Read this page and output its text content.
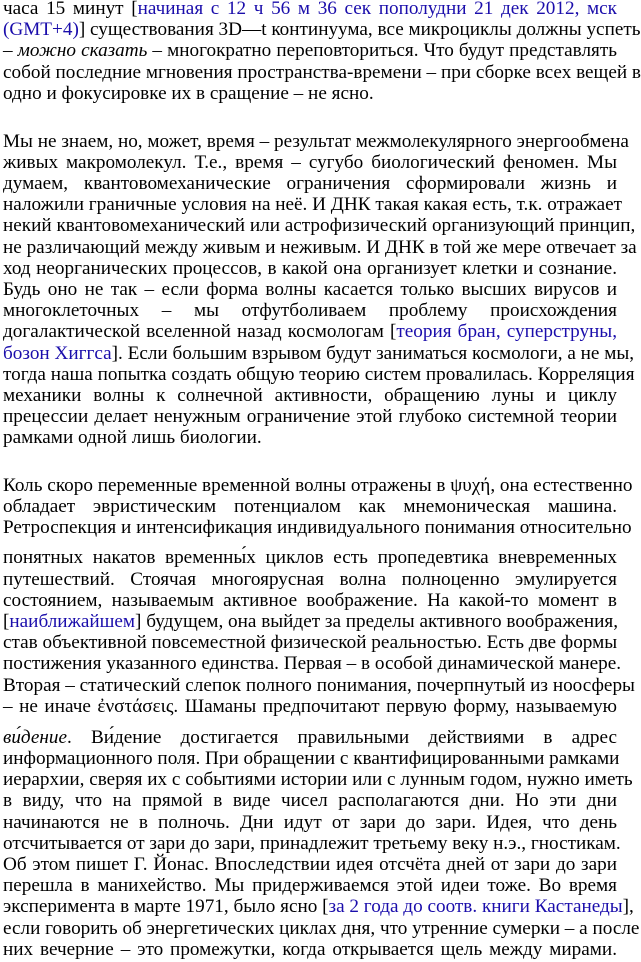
часа 15 минут [начиная с 12 ч 56 м 36 сек пополудни 21 дек 2012, мск
(GMT+4)] существования 3D—t континуума, все микроциклы должны успеть
– можно сказать – многократно переповториться. Что будут представлять
собой последние мгновения пространства-времени – при сборке всех вещей в
одно и фокусировке их в сращение – не ясно.
Мы не знаем, но, может, время – результат межмолекулярного энергообмена
живых макромолекул. Т.е., время – сугубо биологический феномен. Мы
думаем, квантовомеханические ограничения сформировали жизнь и
наложили граничные условия на неё. И ДНК такая какая есть, т.к. отражает
некий квантовомеханический или астрофизический организующий принцип,
не различающий между живым и неживым. И ДНК в той же мере отвечает за
ход неорганических процессов, в какой она организует клетки и сознание.
Будь оно не так – если форма волны касается только высших вирусов и
многоклеточных – мы отфутболиваем проблему происхождения
догалактической вселенной назад космологам [теория бран, суперструны,
бозон Хиггса]. Если большим взрывом будут заниматься космологи, а не мы,
тогда наша попытка создать общую теорию систем провалилась. Корреляция
механики волны к солнечной активности, обращению луны и циклу
прецессии делает ненужным ограничение этой глубоко системной теории
рамками одной лишь биологии.
Коль скоро переменные временной волны отражены в ψυχή, она естественно
обладает эвристическим потенциалом как мнемоническая машина.
Ретроспекция и интенсификация индивидуального понимания относительно
понятных накатов временны́х циклов есть пропедевтика вневременных
путешествий. Стоячая многоярусная волна полноценно эмулируется
состоянием, называемым активное воображение. На какой-то момент в
[наиближайшем] будущем, она выйдет за пределы активного воображения,
став объективной повсеместной физической реальностью. Есть две формы
постижения указанного единства. Первая – в особой динамической манере.
Вторая – статический слепок полного понимания, почерпнутый из ноосферы
– не иначе ἐνστάσεις. Шаманы предпочитают первую форму, называемую
ви́дение. Ви́дение достигается правильными действиями в адрес
информационного поля. При обращении с квантифицированными рамками
иерархии, сверяя их с событиями истории или с лунным годом, нужно иметь
в виду, что на прямой в виде чисел располагаются дни. Но эти дни
начинаются не в полночь. Дни идут от зари до зари. Идея, что день
отсчитывается от зари до зари, принадлежит третьему веку н.э., гностикам.
Об этом пишет Г. Йонас. Впоследствии идея отсчёта дней от зари до зари
перешла в манихейство. Мы придерживаемся этой идеи тоже. Во время
эксперимента в марте 1971, было ясно [за 2 года до соотв. книги Кастанеды],
если говорить об энергетических циклах дня, что утренние сумерки – а после
них вечерние – это промежутки, когда открывается щель между мирами.
